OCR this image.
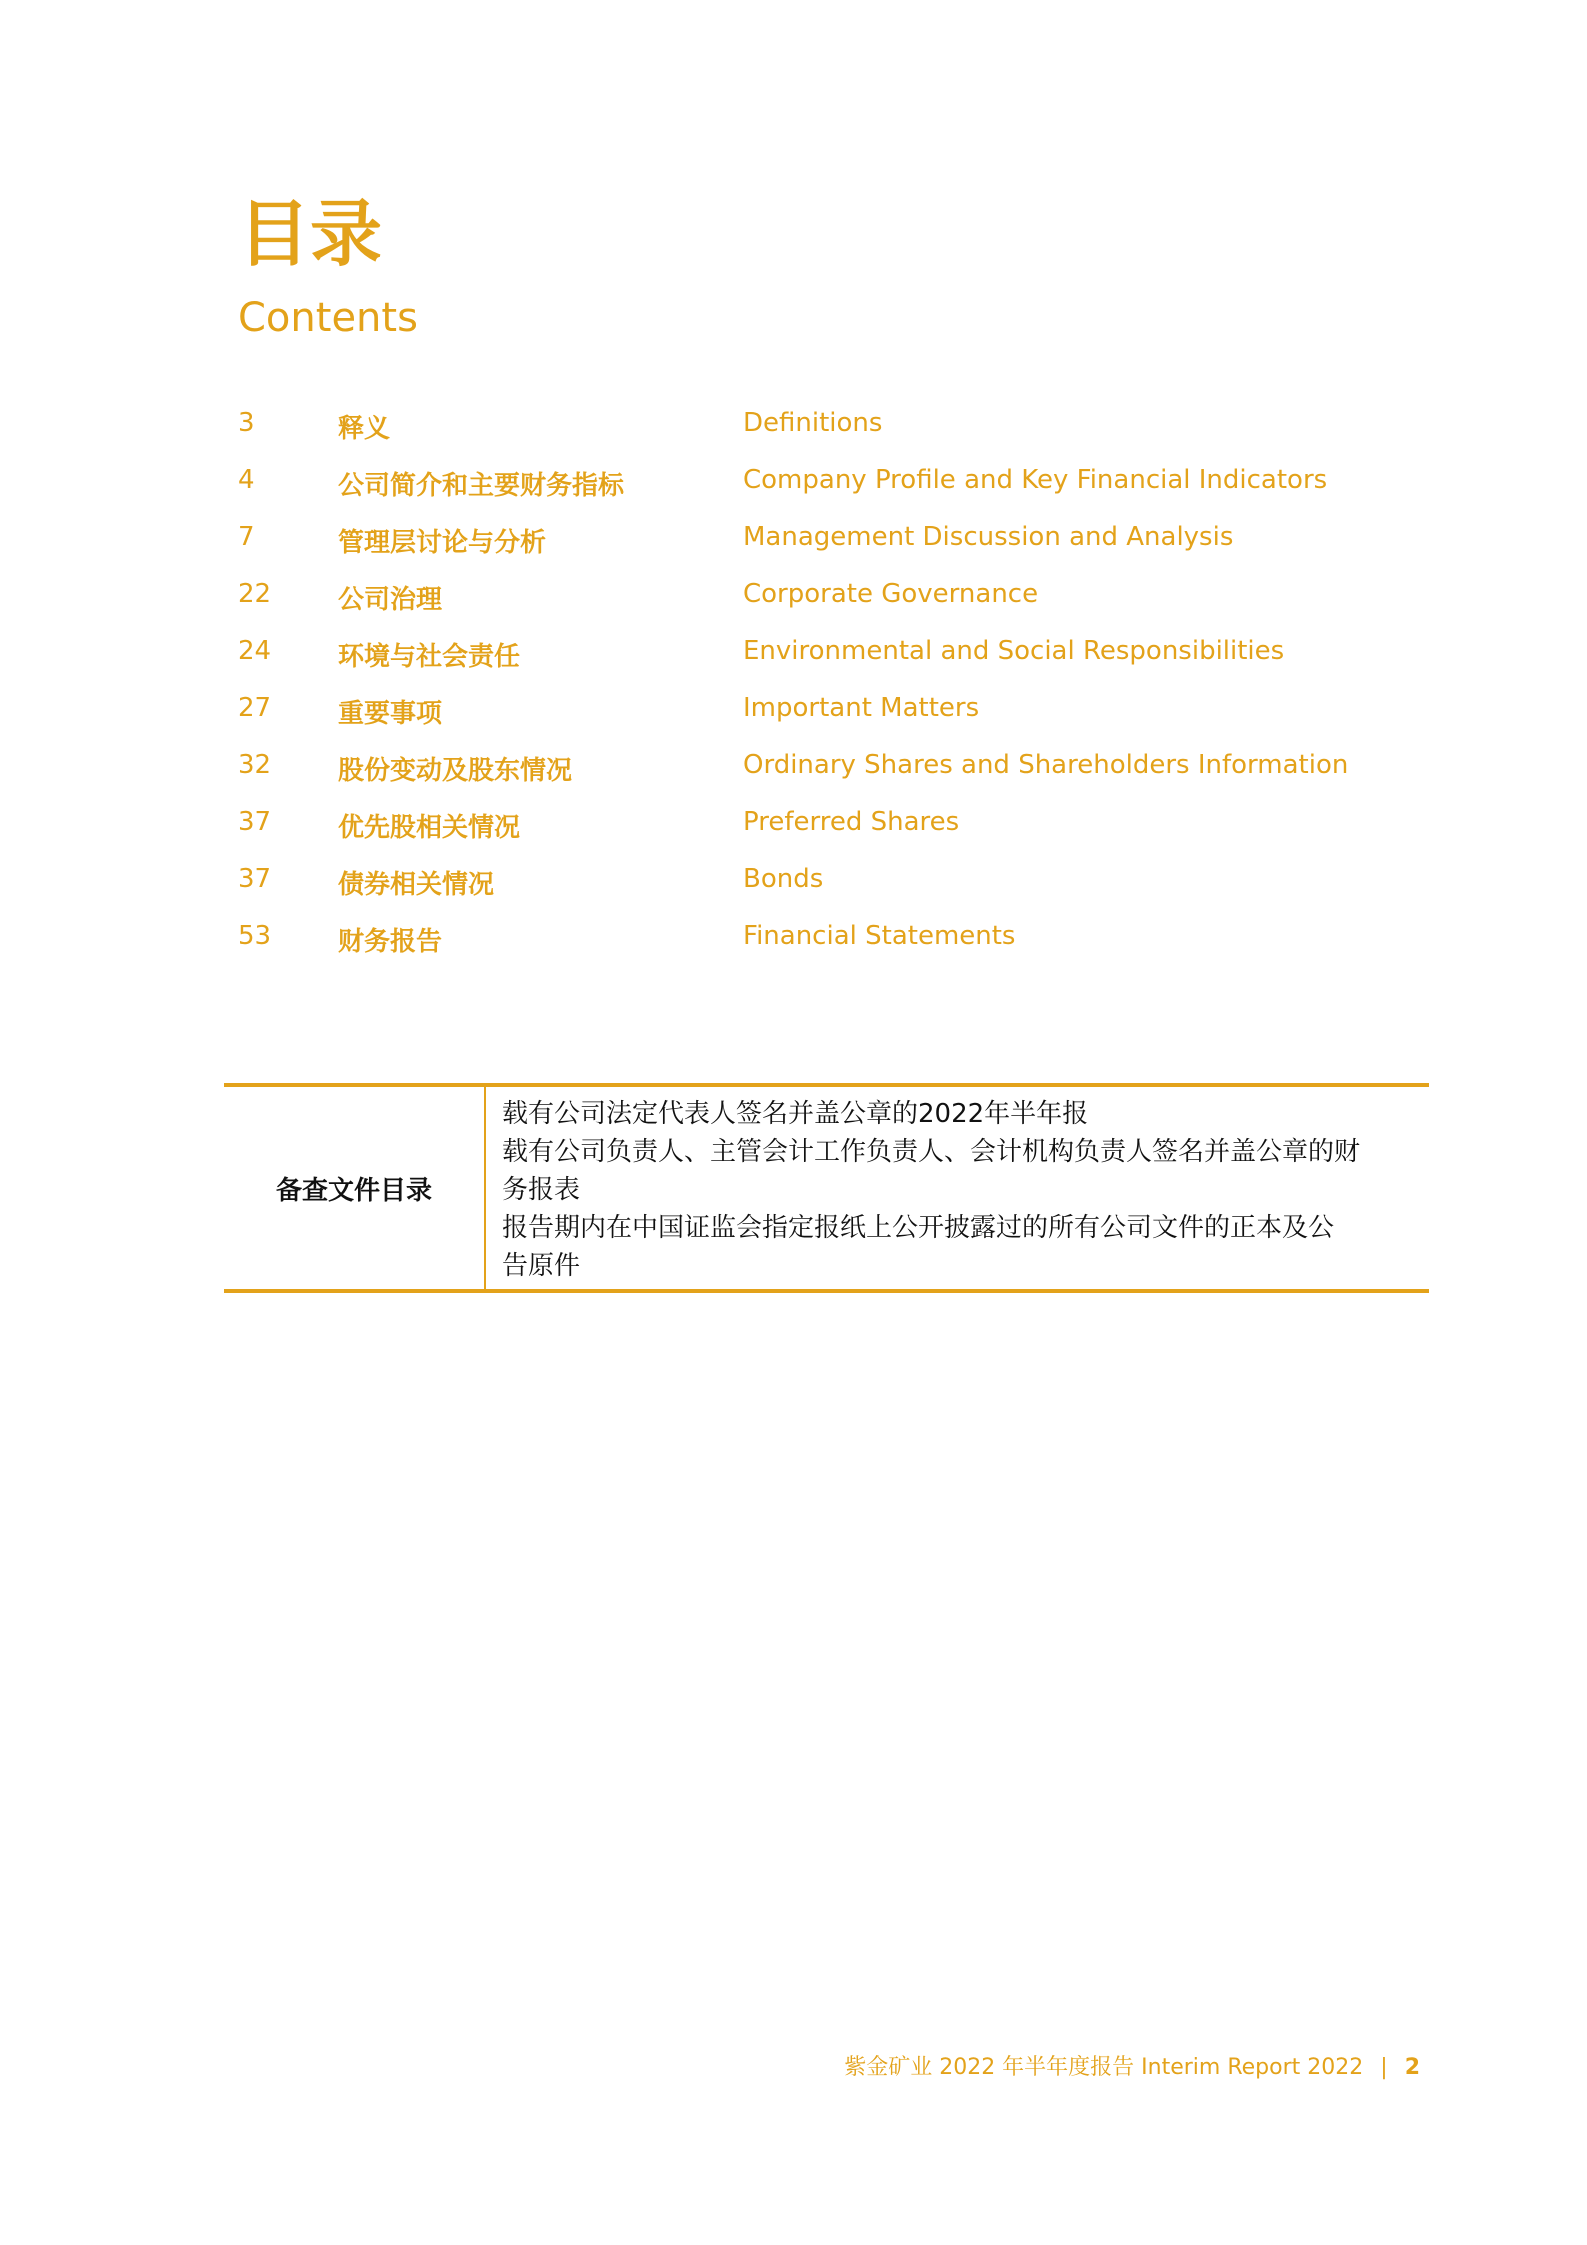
目录
Contents
3	释义	Definitions
4	公司简介和主要财务指标	Company Profile and Key Financial Indicators
7	管理层讨论与分析	Management Discussion and Analysis
22	公司治理	Corporate Governance
24	环境与社会责任	Environmental and Social Responsibilities
27	重要事项	Important Matters
32	股份变动及股东情况	Ordinary Shares and Shareholders Information
37	优先股相关情况	Preferred Shares
37	债券相关情况	Bonds
53	财务报告	Financial Statements
备查文件目录	
载有公司法定代表人签名并盖公章的2022年半年报
载有公司负责人、主管会计工作负责人、会计机构负责人签名并盖公章的财
务报表
报告期内在中国证监会指定报纸上公开披露过的所有公司文件的正本及公
告原件
紫金矿业 2022 年半年度报告 Interim Report 2022 | 2
